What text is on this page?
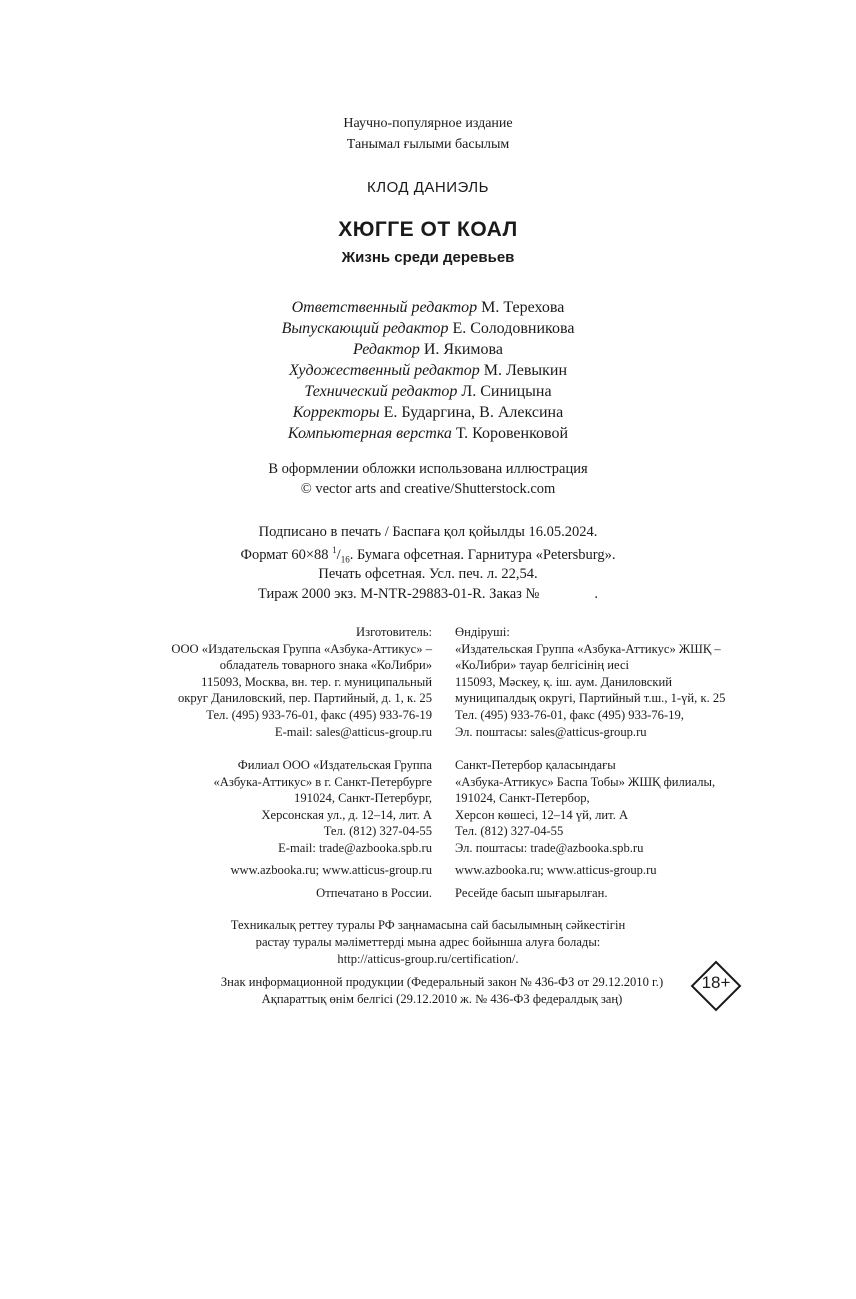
Научно-популярное издание
Танымал ғылыми басылым
КЛОД ДАНИЭЛЬ
ХЮГГЕ ОТ КОАЛ
Жизнь среди деревьев
Ответственный редактор М. Терехова
Выпускающий редактор Е. Солодовникова
Редактор И. Якимова
Художественный редактор М. Левыкин
Технический редактор Л. Синицына
Корректоры Е. Бударгина, В. Алексина
Компьютерная верстка Т. Коровенковой
В оформлении обложки использована иллюстрация
© vector arts and creative/Shutterstock.com
Подписано в печать / Баспаға қол қойылды 16.05.2024.
Формат 60×88 $^1/_{16}$. Бумага офсетная. Гарнитура «Petersburg».
Печать офсетная. Усл. печ. л. 22,54.
Тираж 2000 экз. M-NTR-29883-01-R. Заказ №	.
Изготовитель:
ООО «Издательская Группа «Азбука-Аттикус» –
обладатель товарного знака «КоЛибри»
115093, Москва, вн. тер. г. муниципальный
округ Даниловский, пер. Партийный, д. 1, к. 25
Тел. (495) 933-76-01, факс (495) 933-76-19
E-mail: sales@atticus-group.ru
Өндіруші:
«Издательская Группа «Азбука-Аттикус» ЖШҚ –
«КоЛибри» тауар белгісінің иесі
115093, Мәскеу, қ. іш. аум. Даниловский
муниципалдық округі, Партийный т.ш., 1-үй, к. 25
Тел. (495) 933-76-01, факс (495) 933-76-19,
Эл. поштасы: sales@atticus-group.ru
Филиал ООО «Издательская Группа
«Азбука-Аттикус» в г. Санкт-Петербурге
191024, Санкт-Петербург,
Херсонская ул., д. 12–14, лит. А
Тел. (812) 327-04-55
E-mail: trade@azbooka.spb.ru
Санкт-Петербор қаласындағы
«Азбука-Аттикус» Баспа Тобы» ЖШҚ филиалы,
191024, Санкт-Петербор,
Херсон көшесі, 12–14 үй, лит. А
Тел. (812) 327-04-55
Эл. поштасы: trade@azbooka.spb.ru
www.azbooka.ru; www.atticus-group.ru www.azbooka.ru; www.atticus-group.ru
Отпечатано в России. Ресейде басып шығарылған.
Техникалық реттеу туралы РФ заңнамасына сай басылымның сәйкестігін
растау туралы мәліметтерді мына адрес бойынша алуға болады:
http://atticus-group.ru/certification/.
Знак информационной продукции (Федеральный закон № 436-ФЗ от 29.12.2010 г.)
Ақпараттық өнім белгісі (29.12.2010 ж. № 436-ФЗ федералдық заң)
18+
